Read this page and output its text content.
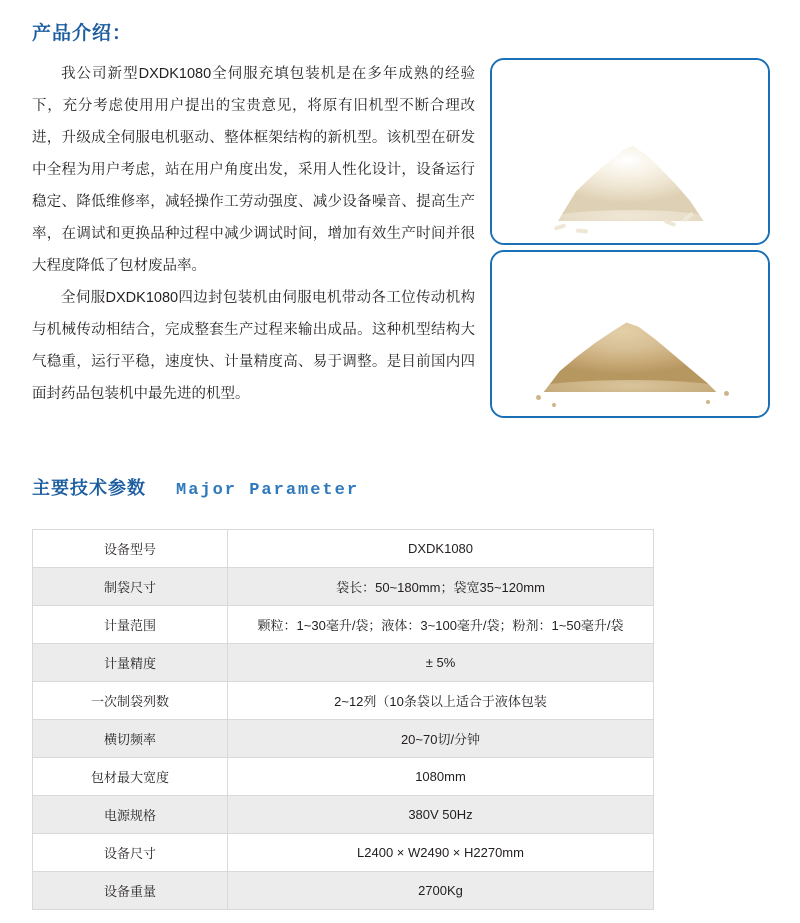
产品介绍：

我公司新型DXDK1080全伺服充填包装机是在多年成熟的经验下，充分考虑使用用户提出的宝贵意见，将原有旧机型不断合理改进，升级成全伺服电机驱动、整体框架结构的新机型。该机型在研发中全程为用户考虑，站在用户角度出发，采用人性化设计，设备运行稳定、降低维修率，减轻操作工劳动强度、减少设备噪音、提高生产率，在调试和更换品种过程中减少调试时间，增加有效生产时间并很大程度降低了包材废品率。

全伺服DXDK1080四边封包装机由伺服电机带动各工位传动机构与机械传动相结合，完成整套生产过程来输出成品。这种机型结构大气稳重，运行平稳，速度快、计量精度高、易于调整。是目前国内四面封药品包装机中最先进的机型。

主要技术参数 Major Parameter
设备型号	DXDK1080
制袋尺寸	袋长：50~180mm；袋宽35~120mm
计量范围	颗粒：1~30毫升/袋；液体：3~100毫升/袋；粉剂：1~50毫升/袋
计量精度	± 5%
一次制袋列数	2~12列（10条袋以上适合于液体包装
横切频率	20~70切/分钟
包材最大宽度	1080mm
电源规格	380V 50Hz
设备尺寸	L2400 × W2490 × H2270mm
设备重量	2700Kg
